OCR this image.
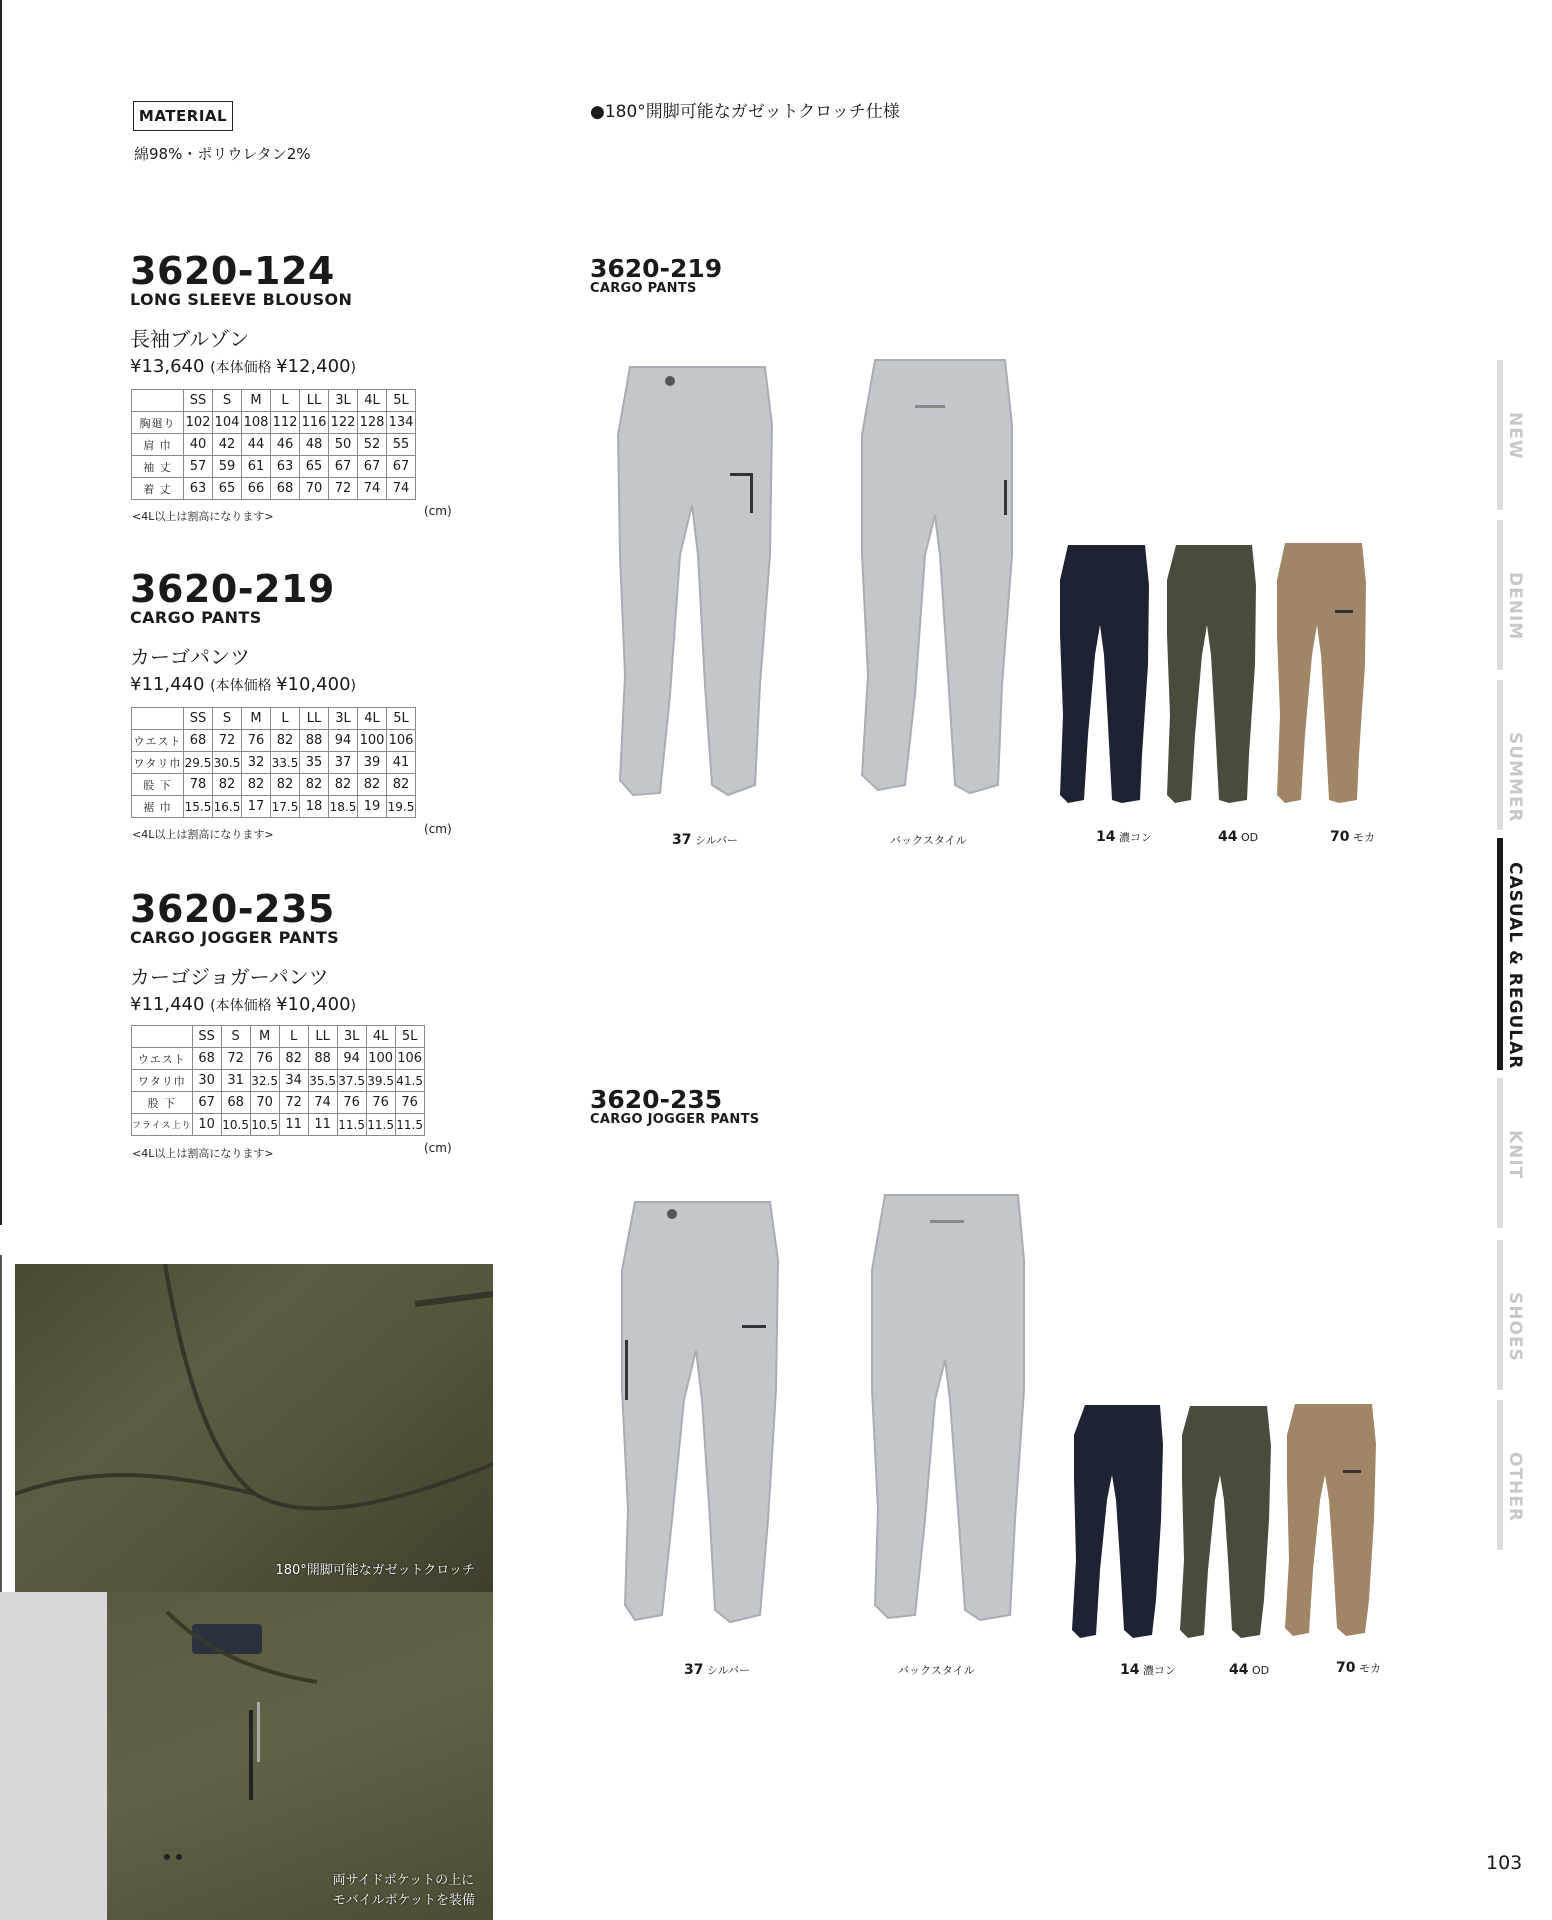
MATERIAL
綿98%・ポリウレタン2%
●180°開脚可能なガゼットクロッチ仕様
3620-124
LONG SLEEVE BLOUSON
長袖ブルゾン
¥13,640 (本体価格 ¥12,400)
	SS	S	M	L	LL	3L	4L	5L
胸廻り	102	104	108	112	116	122	128	134
肩 巾	40	42	44	46	48	50	52	55
袖 丈	57	59	61	63	65	67	67	67
着 丈	63	65	66	68	70	72	74	74
<4L以上は割高になります>	(cm)
3620-219
CARGO PANTS
カーゴパンツ
¥11,440 (本体価格 ¥10,400)
	SS	S	M	L	LL	3L	4L	5L
ウエスト	68	72	76	82	88	94	100	106
ワタリ巾	29.5	30.5	32	33.5	35	37	39	41
股 下	78	82	82	82	82	82	82	82
裾 巾	15.5	16.5	17	17.5	18	18.5	19	19.5
<4L以上は割高になります>	(cm)
3620-235
CARGO JOGGER PANTS
カーゴジョガーパンツ
¥11,440 (本体価格 ¥10,400)
	SS	S	M	L	LL	3L	4L	5L
ウエスト	68	72	76	82	88	94	100	106
ワタリ巾	30	31	32.5	34	35.5	37.5	39.5	41.5
股 下	67	68	70	72	74	76	76	76
フライス上り	10	10.5	10.5	11	11	11.5	11.5	11.5
<4L以上は割高になります>	(cm)
3620-219
CARGO PANTS
37 シルバー	バックスタイル	14 濃コン	44 OD	70 モカ
3620-235
CARGO JOGGER PANTS
37 シルバー	バックスタイル	14 濃コン	44 OD	70 モカ
180°開脚可能なガゼットクロッチ
両サイドポケットの上に
モバイルポケットを装備
NEW
DENIM
SUMMER
CASUAL & REGULAR
KNIT
SHOES
OTHER
103
